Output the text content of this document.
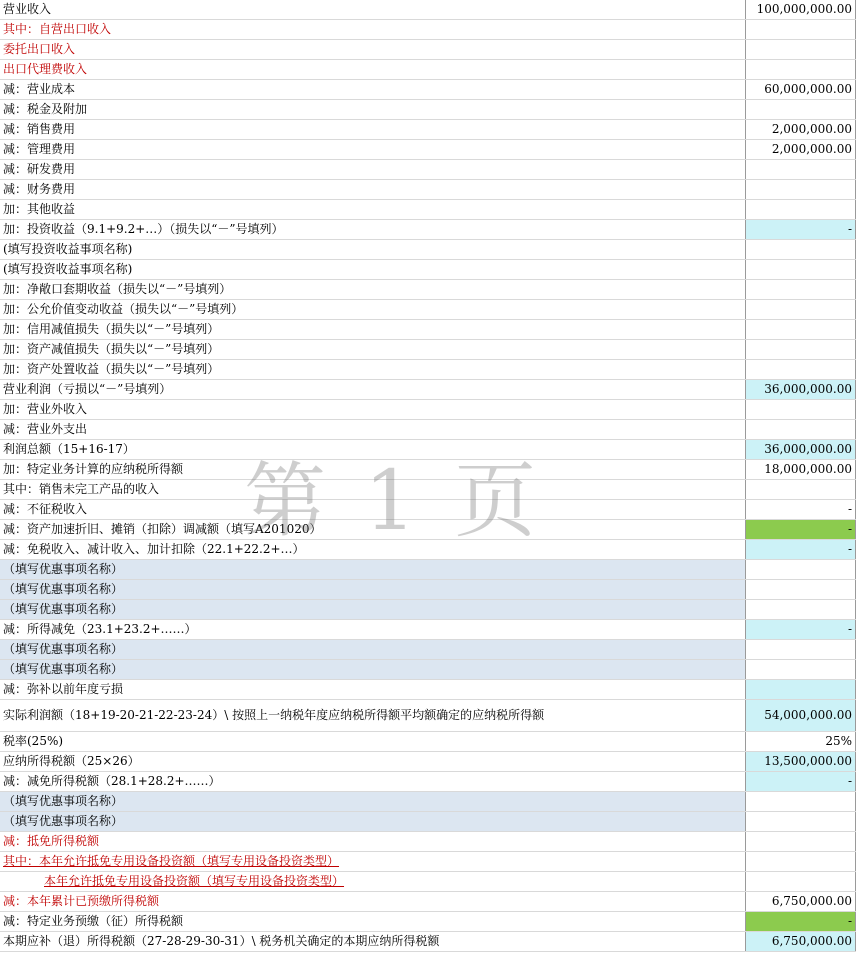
营业收入	100,000,000.00
其中：自营出口收入
委托出口收入
出口代理费收入
减：营业成本	60,000,000.00
减：税金及附加
减：销售费用	2,000,000.00
减：管理费用	2,000,000.00
减：研发费用
减：财务费用
加：其他收益
加：投资收益（9.1+9.2+…）（损失以“－”号填列）	-
(填写投资收益事项名称)
(填写投资收益事项名称)
加：净敞口套期收益（损失以“－”号填列）
加：公允价值变动收益（损失以“－”号填列）
加：信用减值损失（损失以“－”号填列）
加：资产减值损失（损失以“－”号填列）
加：资产处置收益（损失以“－”号填列）
营业利润（亏损以“－”号填列）	36,000,000.00
加：营业外收入
减：营业外支出
利润总额（15+16-17）	36,000,000.00
加：特定业务计算的应纳税所得额	18,000,000.00
其中：销售未完工产品的收入
减：不征税收入	-
减：资产加速折旧、摊销（扣除）调减额（填写A201020）	-
减：免税收入、减计收入、加计扣除（22.1+22.2+…）	-
（填写优惠事项名称）
（填写优惠事项名称）
（填写优惠事项名称）
减：所得减免（23.1+23.2+……）	-
（填写优惠事项名称）
（填写优惠事项名称）
减：弥补以前年度亏损
实际利润额（18+19-20-21-22-23-24）\ 按照上一纳税年度应纳税所得额平均额确定的应纳税所得额	54,000,000.00
税率(25%)	25%
应纳所得税额（25×26）	13,500,000.00
减：减免所得税额（28.1+28.2+……）	-
（填写优惠事项名称）
（填写优惠事项名称）
减：抵免所得税额
其中：本年允许抵免专用设备投资额（填写专用设备投资类型）
本年允许抵免专用设备投资额（填写专用设备投资类型）
减：本年累计已预缴所得税额	6,750,000.00
减：特定业务预缴（征）所得税额	-
本期应补（退）所得税额（27-28-29-30-31）\ 税务机关确定的本期应纳所得税额	6,750,000.00
第 1 页
